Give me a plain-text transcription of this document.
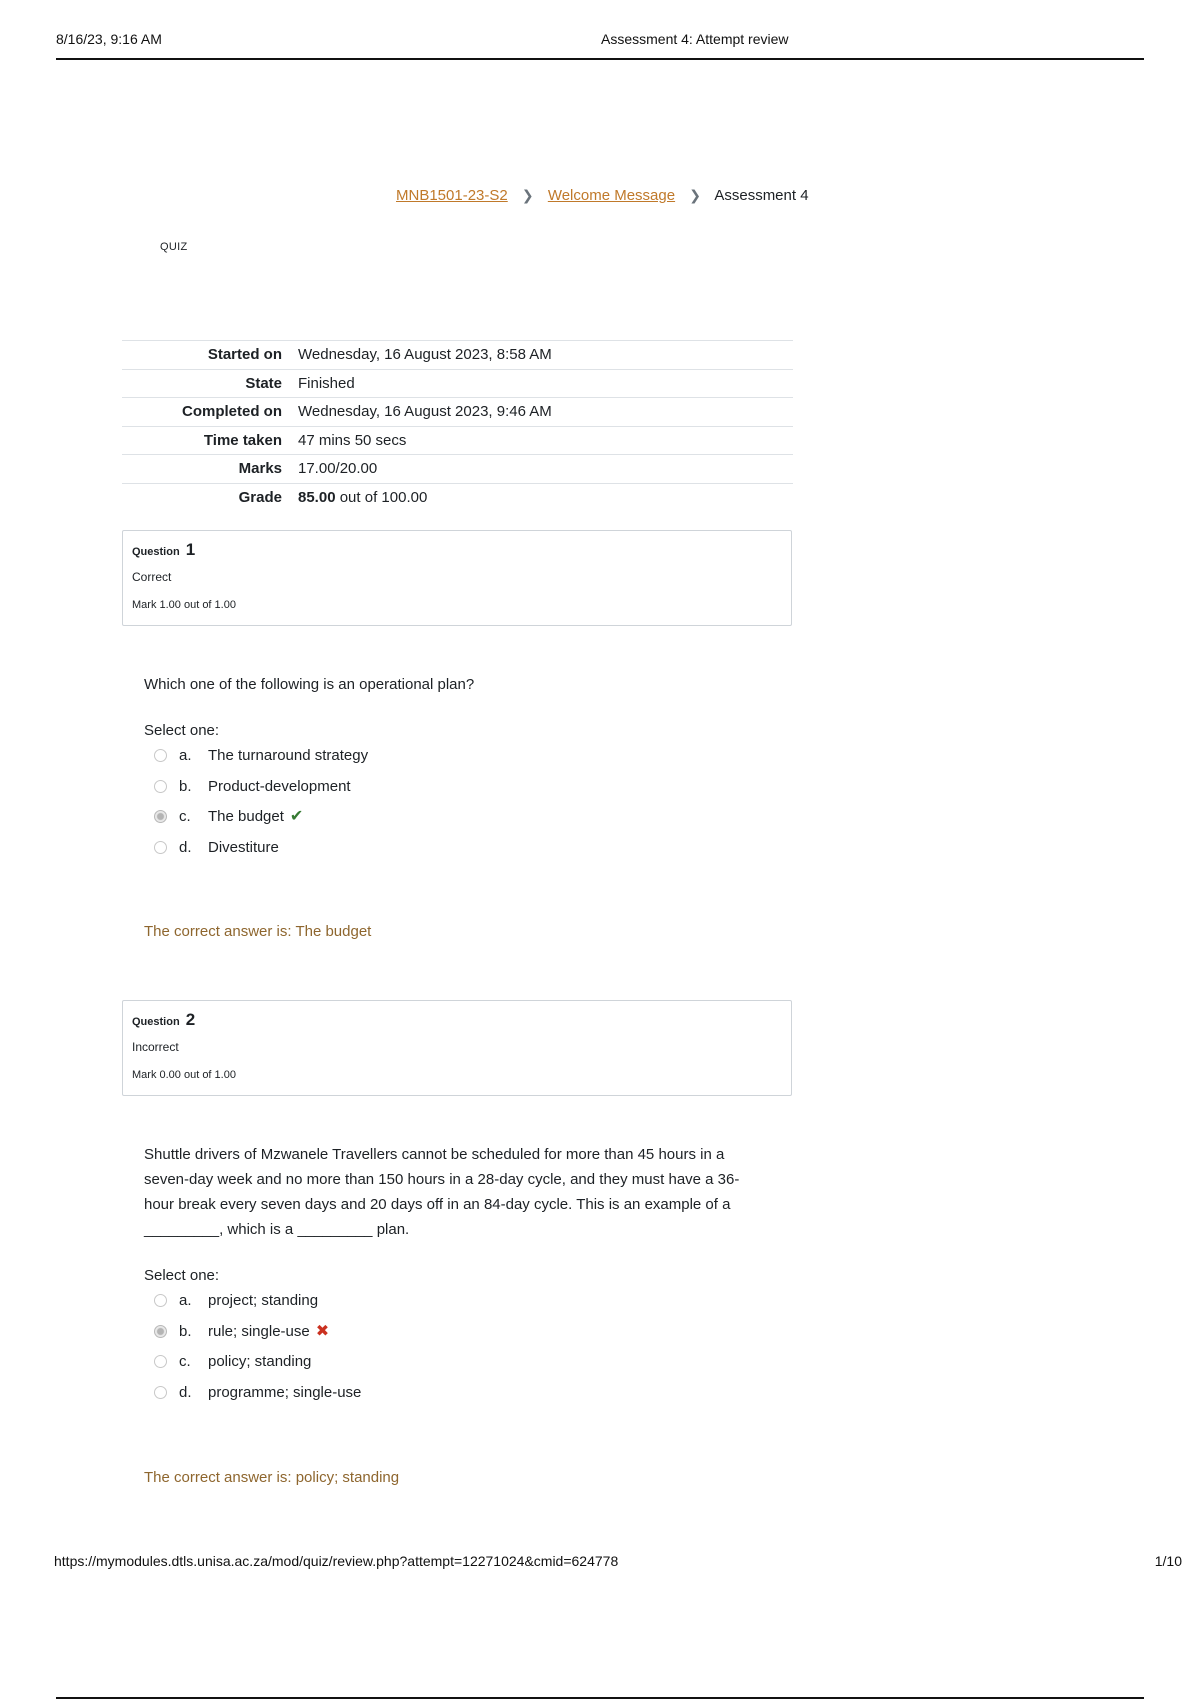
8/16/23, 9:16 AM	Assessment 4: Attempt review
MNB1501-23-S2 ❯ Welcome Message ❯ Assessment 4
QUIZ
Started on	Wednesday, 16 August 2023, 8:58 AM
State	Finished
Completed on	Wednesday, 16 August 2023, 9:46 AM
Time taken	47 mins 50 secs
Marks	17.00/20.00
Grade	85.00 out of 100.00
Question 1
Correct
Mark 1.00 out of 1.00
Which one of the following is an operational plan?
Select one:
a. The turnaround strategy
b. Product-development
c. The budget ✔
d. Divestiture
The correct answer is: The budget
Question 2
Incorrect
Mark 0.00 out of 1.00
Shuttle drivers of Mzwanele Travellers cannot be scheduled for more than 45 hours in a seven-day week and no more than 150 hours in a 28-day cycle, and they must have a 36-hour break every seven days and 20 days off in an 84-day cycle. This is an example of a _________, which is a _________ plan.
Select one:
a. project; standing
b. rule; single-use ✖
c. policy; standing
d. programme; single-use
The correct answer is: policy; standing
https://mymodules.dtls.unisa.ac.za/mod/quiz/review.php?attempt=12271024&cmid=624778	1/10
